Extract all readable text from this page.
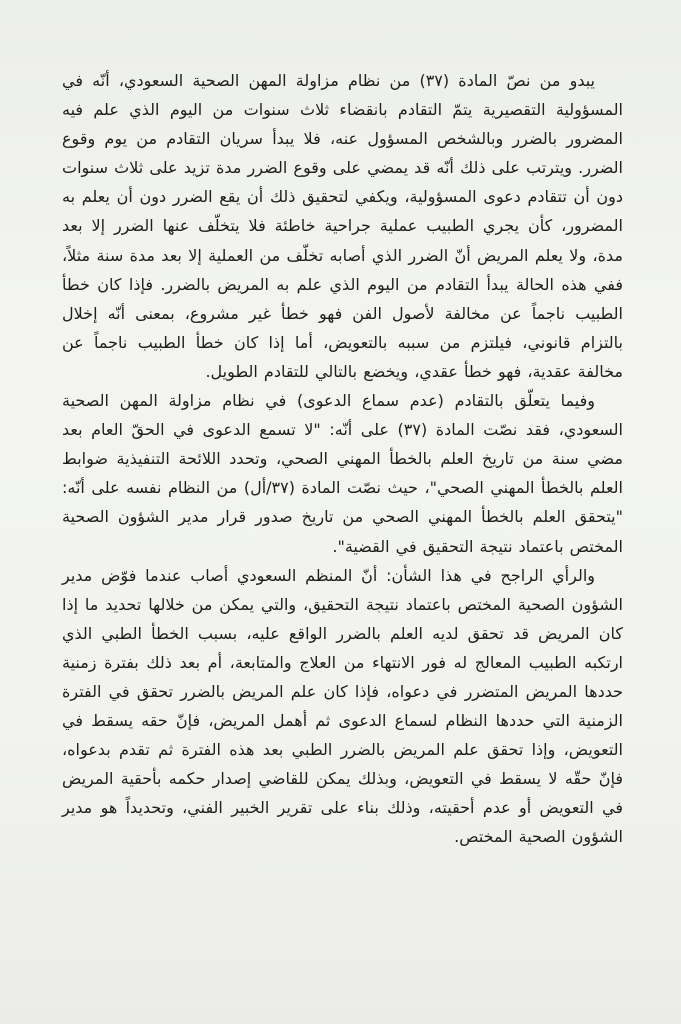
يبدو من نصّ المادة (٣٧) من نظام مزاولة المهن الصحية السعودي، أنّه في المسؤولية التقصيرية يتمّ التقادم بانقضاء ثلاث سنوات من اليوم الذي علم فيه المضرور بالضرر وبالشخص المسؤول عنه، فلا يبدأ سريان التقادم من يوم وقوع الضرر. ويترتب على ذلك أنّه قد يمضي على وقوع الضرر مدة تزيد على ثلاث سنوات دون أن تتقادم دعوى المسؤولية، ويكفي لتحقيق ذلك أن يقع الضرر دون أن يعلم به المضرور، كأن يجري الطبيب عملية جراحية خاطئة فلا يتخلّف عنها الضرر إلا بعد مدة، ولا يعلم المريض أنّ الضرر الذي أصابه تخلّف من العملية إلا بعد مدة سنة مثلاً، ففي هذه الحالة يبدأ التقادم من اليوم الذي علم به المريض بالضرر. فإذا كان خطأ الطبيب ناجماً عن مخالفة لأصول الفن فهو خطأ غير مشروع، بمعنى أنّه إخلال بالتزام قانوني، فيلتزم من سببه بالتعويض، أما إذا كان خطأ الطبيب ناجماً عن مخالفة عقدية، فهو خطأ عقدي، ويخضع بالتالي للتقادم الطويل.

وفيما يتعلّق بالتقادم (عدم سماع الدعوى) في نظام مزاولة المهن الصحية السعودي، فقد نصّت المادة (٣٧) على أنّه: "لا تسمع الدعوى في الحقّ العام بعد مضي سنة من تاريخ العلم بالخطأ المهني الصحي، وتحدد اللائحة التنفيذية ضوابط العلم بالخطأ المهني الصحي"، حيث نصّت المادة (٣٧/أل) من النظام نفسه على أنّه: "يتحقق العلم بالخطأ المهني الصحي من تاريخ صدور قرار مدير الشؤون الصحية المختص باعتماد نتيجة التحقيق في القضية".

والرأي الراجح في هذا الشأن: أنّ المنظم السعودي أصاب عندما فوّض مدير الشؤون الصحية المختص باعتماد نتيجة التحقيق، والتي يمكن من خلالها تحديد ما إذا كان المريض قد تحقق لديه العلم بالضرر الواقع عليه، بسبب الخطأ الطبي الذي ارتكبه الطبيب المعالج له فور الانتهاء من العلاج والمتابعة، أم بعد ذلك بفترة زمنية حددها المريض المتضرر في دعواه، فإذا كان علم المريض بالضرر تحقق في الفترة الزمنية التي حددها النظام لسماع الدعوى ثم أهمل المريض، فإنّ حقه يسقط في التعويض، وإذا تحقق علم المريض بالضرر الطبي بعد هذه الفترة ثم تقدم بدعواه، فإنّ حقّه لا يسقط في التعويض، وبذلك يمكن للقاضي إصدار حكمه بأحقية المريض في التعويض أو عدم أحقيته، وذلك بناء على تقرير الخبير الفني، وتحديداً هو مدير الشؤون الصحية المختص.
